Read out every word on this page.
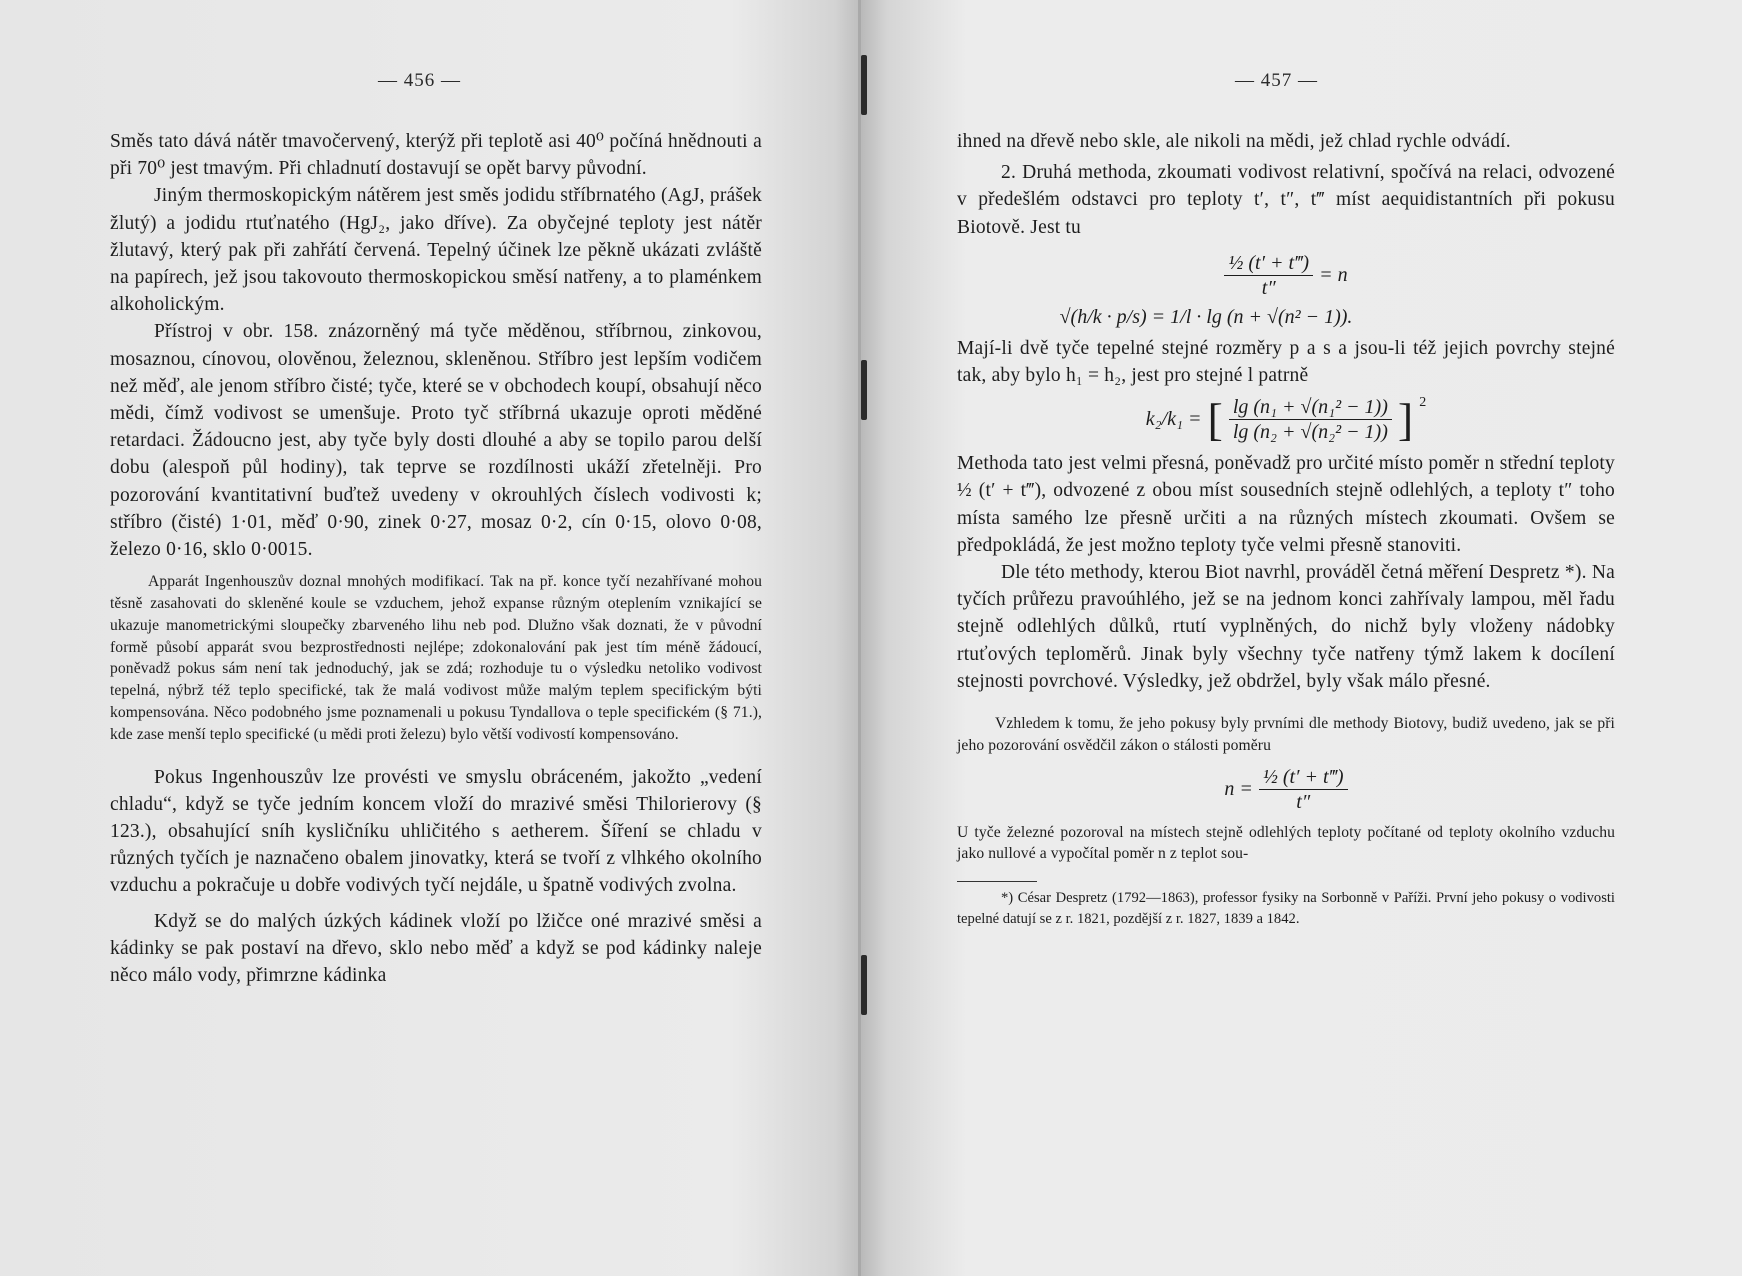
— 456 —

Směs tato dává nátěr tmavočervený, kterýž při teplotě asi 40⁰ počíná hnědnouti a při 70⁰ jest tmavým. Při chladnutí dostavují se opět barvy původní.

Jiným thermoskopickým nátěrem jest směs jodidu stříbrnatého (AgJ, prášek žlutý) a jodidu rtuťnatého (HgJ₂, jako dříve). Za obyčejné teploty jest nátěr žlutavý, který pak při zahřátí červená. Tepelný účinek lze pěkně ukázati zvláště na papírech, jež jsou takovouto thermoskopickou směsí natřeny, a to plaménkem alkoholickým.

Přístroj v obr. 158. znázorněný má tyče měděnou, stříbrnou, zinkovou, mosaznou, cínovou, olověnou, železnou, skleněnou. Stříbro jest lepším vodičem než měď, ale jenom stříbro čisté; tyče, které se v obchodech koupí, obsahují něco mědi, čímž vodivost se umenšuje. Proto tyč stříbrná ukazuje oproti měděné retardaci. Žádoucno jest, aby tyče byly dosti dlouhé a aby se topilo parou delší dobu (alespoň půl hodiny), tak teprve se rozdílnosti ukáží zřetelněji. Pro pozorování kvantitativní buďtež uvedeny v okrouhlých číslech vodivosti k; stříbro (čisté) 1·01, měď 0·90, zinek 0·27, mosaz 0·2, cín 0·15, olovo 0·08, železo 0·16, sklo 0·0015.

Apparát Ingenhouszův doznal mnohých modifikací. Tak na př. konce tyčí nezahřívané mohou těsně zasahovati do skleněné koule se vzduchem, jehož expanse různým oteplením vznikající se ukazuje manometrickými sloupečky zbarveného lihu neb pod. Dlužno však doznati, že v původní formě působí apparát svou bezprostřednosti nejlépe; zdokonalování pak jest tím méně žádoucí, poněvadž pokus sám není tak jednoduchý, jak se zdá; rozhoduje tu o výsledku netoliko vodivost tepelná, nýbrž též teplo specifické, tak že malá vodivost může malým teplem specifickým býti kompensována. Něco podobného jsme poznamenali u pokusu Tyndallova o teple specifickém (§ 71.), kde zase menší teplo specifické (u mědi proti železu) bylo větší vodivostí kompensováno.

Pokus Ingenhouszův lze provésti ve smyslu obráceném, jakožto „vedení chladu“, když se tyče jedním koncem vloží do mrazivé směsi Thilorierovy (§ 123.), obsahující sníh kysličníku uhličitého s aetherem. Šíření se chladu v různých tyčích je naznačeno obalem jinovatky, která se tvoří z vlhkého okolního vzduchu a pokračuje u dobře vodivých tyčí nejdále, u špatně vodivých zvolna.

Když se do malých úzkých kádinek vloží po lžičce oné mrazivé směsi a kádinky se pak postaví na dřevo, sklo nebo měď a když se pod kádinky naleje něco málo vody, přimrzne kádinka

— 457 —

ihned na dřevě nebo skle, ale nikoli na mědi, jež chlad rychle odvádí.

2. Druhá methoda, zkoumati vodivost relativní, spočívá na relaci, odvozené v předešlém odstavci pro teploty t′, t″, t‴ míst aequidistantních při pokusu Biotově. Jest tu

$\frac{\text{½ (t′ + t‴)}}{t''} = n$
√(h/k · p/s) = 1/l · lg (n + √(n² − 1)).

Mají-li dvě tyče tepelné stejné rozměry p a s a jsou-li též jejich povrchy stejné tak, aby bylo h₁ = h₂, jest pro stejné l patrně

k₂/k₁ = [ $\frac{\text{lg (n₁ + √(n₁² − 1))}}{\text{lg (n₂ + √(n₂² − 1))}}$ ] $^2$

Methoda tato jest velmi přesná, poněvadž pro určité místo poměr n střední teploty ½ (t′ + t‴), odvozené z obou míst sousedních stejně odlehlých, a teploty t″ toho místa samého lze přesně určiti a na různých místech zkoumati. Ovšem se předpokládá, že jest možno teploty tyče velmi přesně stanoviti.

Dle této methody, kterou Biot navrhl, prováděl četná měření Despretz *). Na tyčích průřezu pravoúhlého, jež se na jednom konci zahřívaly lampou, měl řadu stejně odlehlých důlků, rtutí vyplněných, do nichž byly vloženy nádobky rtuťových teploměrů. Jinak byly všechny tyče natřeny týmž lakem k docílení stejnosti povrchové. Výsledky, jež obdržel, byly však málo přesné.

Vzhledem k tomu, že jeho pokusy byly prvními dle methody Biotovy, budiž uvedeno, jak se při jeho pozorování osvědčil zákon o stálosti poměru

$n = \frac{\text{½ (t′ + t‴)}}{t''}$

U tyče železné pozoroval na místech stejně odlehlých teploty počítané od teploty okolního vzduchu jako nullové a vypočítal poměr n z teplot sou-

*) César Despretz (1792—1863), professor fysiky na Sorbonně v Paříži. První jeho pokusy o vodivosti tepelné datují se z r. 1821, pozdější z r. 1827, 1839 a 1842.
